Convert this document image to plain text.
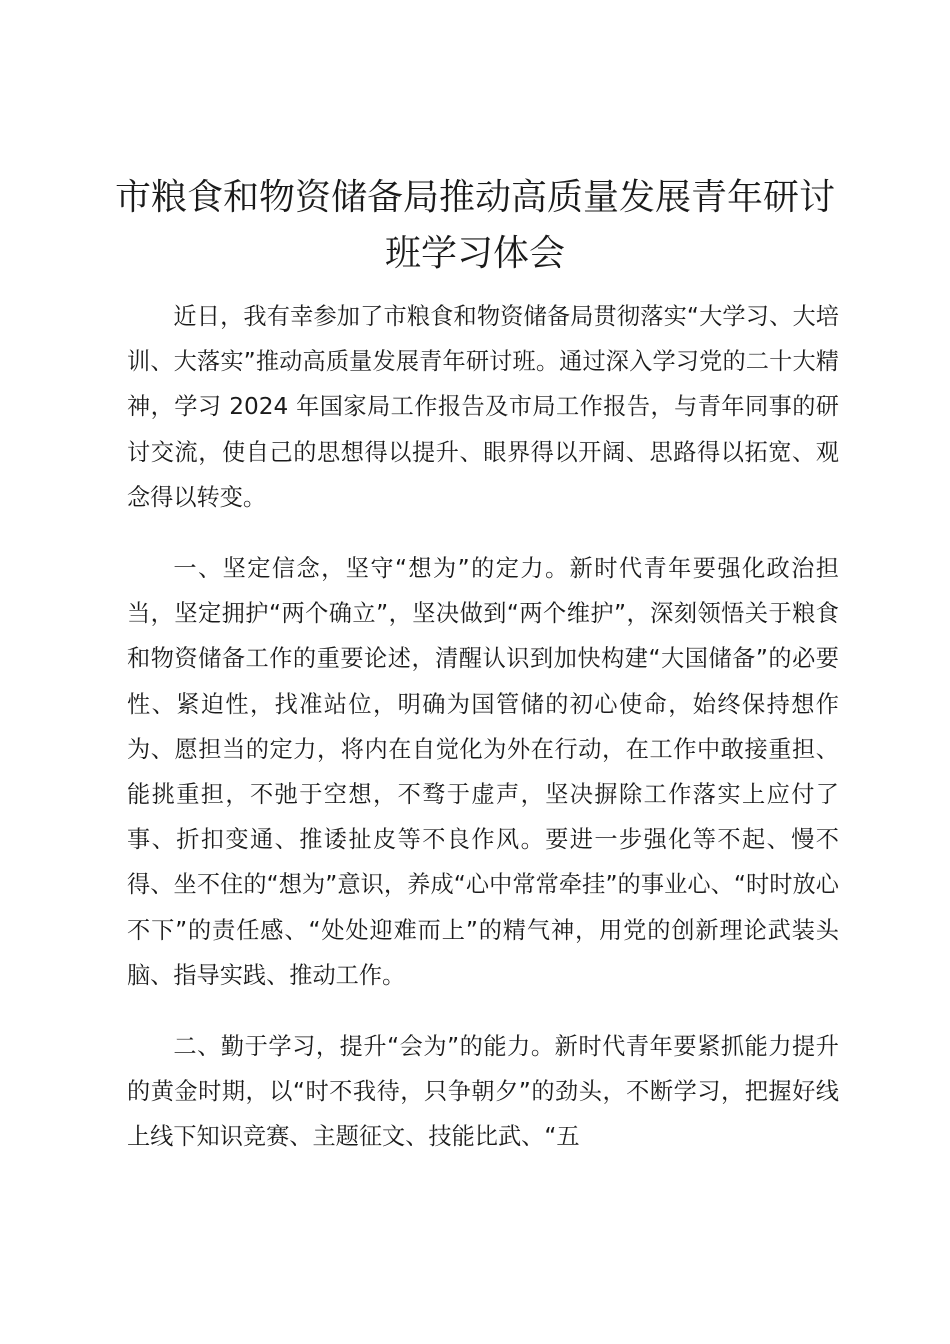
市粮食和物资储备局推动高质量发展青年研讨班学习体会

近日，我有幸参加了市粮食和物资储备局贯彻落实“大学习、大培训、大落实”推动高质量发展青年研讨班。通过深入学习党的二十大精神，学习 2024 年国家局工作报告及市局工作报告，与青年同事的研讨交流，使自己的思想得以提升、眼界得以开阔、思路得以拓宽、观念得以转变。

一、坚定信念，坚守“想为”的定力。新时代青年要强化政治担当，坚定拥护“两个确立”，坚决做到“两个维护”，深刻领悟关于粮食和物资储备工作的重要论述，清醒认识到加快构建“大国储备”的必要性、紧迫性，找准站位，明确为国管储的初心使命，始终保持想作为、愿担当的定力，将内在自觉化为外在行动，在工作中敢接重担、能挑重担，不弛于空想，不骛于虚声，坚决摒除工作落实上应付了事、折扣变通、推诿扯皮等不良作风。要进一步强化等不起、慢不得、坐不住的“想为”意识，养成“心中常常牵挂”的事业心、“时时放心不下”的责任感、“处处迎难而上”的精气神，用党的创新理论武装头脑、指导实践、推动工作。

二、勤于学习，提升“会为”的能力。新时代青年要紧抓能力提升的黄金时期，以“时不我待，只争朝夕”的劲头，不断学习，把握好线上线下知识竞赛、主题征文、技能比武、“五
